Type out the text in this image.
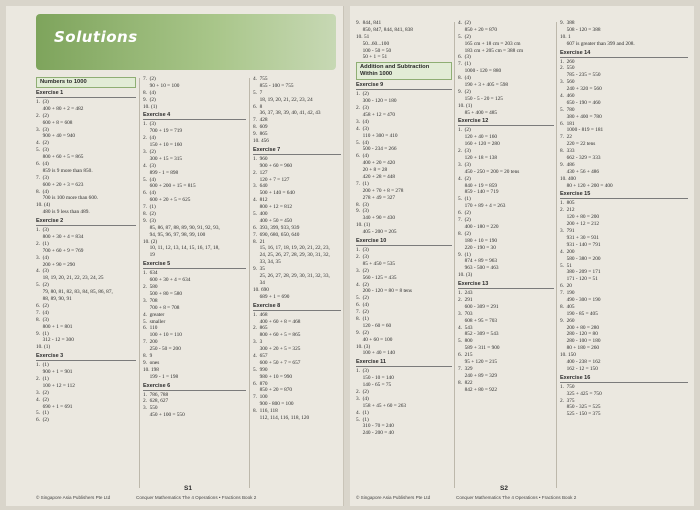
Solutions
Numbers to 1000
Exercise 1
1.  (3)
400 + 80 + 2 = 482
2.  (2)
600 + 8 = 608
3.  (3)
900 + 40 = 940
4.  (2)
5.  (3)
800 + 60 + 5 = 865
6.  (4)
859 is 9 more than 850.
7.  (3)
600 + 20 + 3 = 623
8.  (4)
700 is 100 more than 600.
10. (4)
480 is 9 less than 489.
Exercise 2
1.  (3)
800 + 30 + 4 = 834
2.  (1)
700 + 60 + 9 = 769
3.  (4)
200 + 90 = 290
4.  (3)
18, 19, 20, 21, 22, 23, 24, 25
5.  (2)
79, 80, 81, 82, 83, 84, 85, 86, 87,
88, 89, 90, 91
6.  (2)
7.  (4)
8.  (3)
800 + 1 = 801
9.  (1)
312 - 12 = 300
10. (1)
Exercise 3
1.  (1)
900 + 1 = 901
2.  (1)
100 + 12 = 112
3.  (2)
4.  (2)
690 + 1 = 691
5.  (1)
6.  (2)
7.  (2)
90 + 10 = 100
8.  (4)
9.  (2)
10. (1)
Exercise 4
1.  (3)
700 + 19 = 719
2.  (4)
150 + 10 = 160
3.  (2)
300 + 15 = 315
4.  (3)
899 - 1 = 898
5.  (4)
600 + 200 + 15 = 815
6.  (4)
600 + 20 + 5 = 625
7.  (1)
8.  (2)
9.  (3)
85, 86, 87, 88, 89, 90, 91, 92, 93,
94, 95, 96, 97, 98, 99, 100
10. (2)
10, 11, 12, 13, 14, 15, 16, 17, 18,
19
Exercise 5
1.  634
600 + 30 + 4 = 634
2.  580
500 + 80 = 580
3.  708
700 + 8 = 708
4.  greater
5.  smaller
6.  110
100 + 10 = 110
7.  200
250 - 50 = 200
8.  9
9.  ones
10. 198
199 - 1 = 198
Exercise 6
1.  786, 788
2.  628, 627
3.  550
450 + 100 = 550
4.  755
855 - 100 = 755
5.  7
18, 19, 20, 21, 22, 23, 24
6.  8
36, 37, 38, 39, 40, 41, 42, 43
7.  428
8.  609
9.  865
10. 456
Exercise 7
1.  960
900 + 60 = 960
2.  127
120 + 7 = 127
3.  640
500 + 140 = 640
4.  812
800 + 12 = 812
5.  400
400 + 50 = 450
6.  393, 399, 933, 939
7.  690, 680, 650, 640
8.  21
15, 16, 17, 18, 19, 20, 21, 22, 23,
24, 25, 26, 27, 28, 29, 30, 31, 32,
33, 34, 35
9.  35
25, 26, 27, 28, 29, 30, 31, 32, 33,
34
10. 690
689 + 1 = 690
Exercise 8
1.  468
400 + 60 + 8 = 468
2.  865
800 + 60 + 5 = 865
3.  3
300 + 20 + 5 = 325
4.  657
600 + 50 + 7 = 657
5.  990
980 + 10 = 990
6.  870
850 + 20 = 870
7.  100
900 - 800 = 100
8.  116, 118
112, 114, 116, 118, 120
S1
© Singapore Asia Publishers Pte Ltd	Conquer Mathematics The 4 Operations • Fractions Book 2
9.  844, 841
850, 847, 844, 841, 838
10. 51
50...60...100
100 - 50 = 50
50 + 1 = 51
Addition and Subtraction Within 1000
Exercise 9
1.  (2)
300 - 120 = 180
2.  (3)
458 + 12 = 470
3.  (4)
4.  (3)
110 + 300 = 410
5.  (4)
500 - 234 = 266
6.  (4)
400 + 20 = 420
20 + 8 = 28
420 + 28 = 448
7.  (1)
200 + 70 + 8 = 278
278 + 49 = 327
8.  (3)
9.  (3)
340 + 90 = 430
10. (1)
405 - 200 = 205
Exercise 10
1.  (3)
2.  (3)
85 + 450 = 535
3.  (2)
560 - 125 = 435
4.  (2)
200 - 120 = 80 = 8 tens
5.  (2)
6.  (4)
7.  (2)
8.  (1)
120 - 60 = 60
9.  (2)
40 + 60 = 100
10. (3)
100 + 40 = 140
Exercise 11
1.  (3)
150 - 10 = 140
140 - 65 = 75
2.  (2)
3.  (4)
158 + 45 + 60 = 263
4.  (1)
5.  (1)
310 - 70 = 240
240 - 200 = 40
4.  (2)
850 + 20 = 870
5.  (2)
165 cm + 18 cm = 203 cm
183 cm + 205 cm = 388 cm
6.  (3)
7.  (1)
1000 - 120 = 880
8.  (4)
190 + 3 + 405 = 598
9.  (2)
150 - 5 - 20 = 125
10. (1)
85 + 400 = 485
Exercise 12
1.  (2)
120 + 40 = 160
160 + 120 = 280
2.  (3)
120 + 18 = 138
3.  (3)
450 - 250 = 200 = 20 tens
4.  (2)
840 + 19 = 859
859 - 140 = 719
5.  (1)
170 + 89 + 4 = 263
6.  (2)
7.  (2)
400 - 180 = 220
8.  (2)
180 + 10 = 190
220 - 190 = 30
9.  (1)
874 + 89 = 963
963 - 500 = 463
10. (3)
Exercise 13
1.  243
2.  291
600 - 309 = 291
3.  703
608 + 95 = 703
4.  543
852 - 309 = 543
5.  800
589 + 311 = 900
6.  215
95 + 120 = 215
7.  329
240 + 89 = 329
8.  822
842 + 80 = 922
9.  388
508 - 120 = 388
10. 1
607 is greater than 399 and 208.
Exercise 14
1.  260
2.  550
785 - 235 = 550
3.  560
240 + 320 = 560
4.  460
650 - 190 = 460
5.  780
380 + 400 = 780
6.  181
1000 - 819 = 181
7.  22
220 = 22 tens
8.  333
662 - 329 = 333
9.  486
430 + 56 + 486
10. 400
80 + 120 + 200 = 400
Exercise 15
1.  805
2.  212
120 + 80 = 200
200 + 12 = 212
3.  791
931 + 30 = 931
931 - 140 = 791
4.  200
580 - 380 = 200
5.  51
380 - 209 = 171
171 - 120 = 51
6.  20
7.  190
490 - 300 = 190
8.  405
190 - 85 = 405
9.  260
200 + 80 = 280
280 - 120 = 80
280 - 100 = 180
80 + 180 = 260
10. 150
400 - 238 = 162
162 - 12 = 150
Exercise 16
1.  750
325 + 425 = 750
2.  375
850 - 325 = 525
525 - 150 = 375
S2
© Singapore Asia Publishers Pte Ltd	Conquer Mathematics The 4 Operations • Fractions Book 2
